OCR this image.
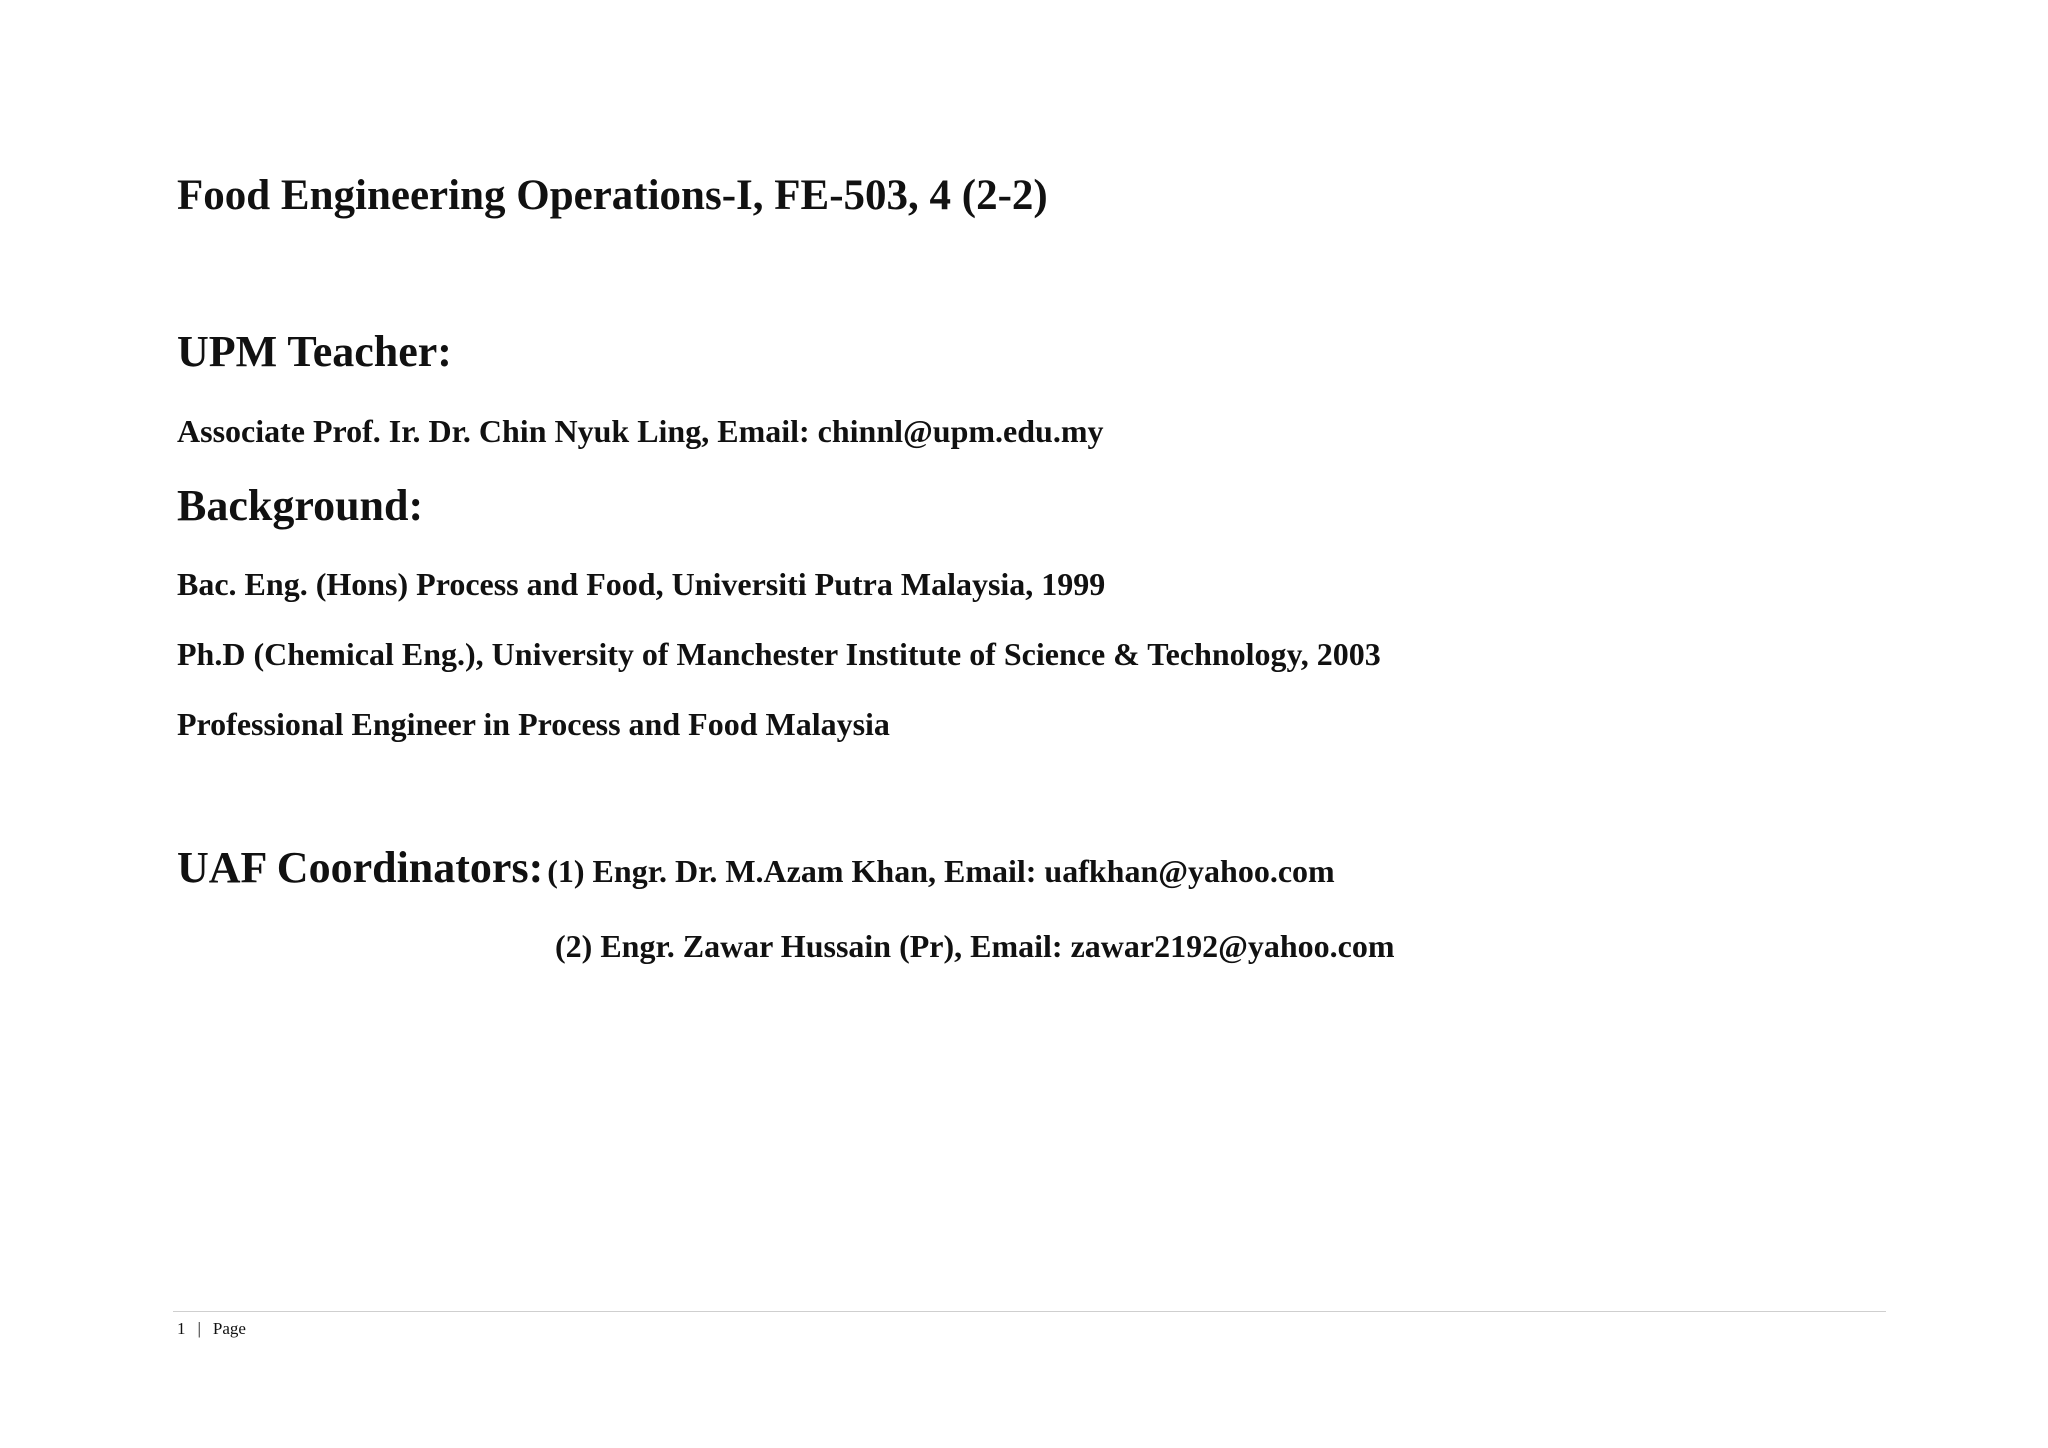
Food Engineering Operations-I, FE-503, 4 (2-2)
UPM Teacher:
Associate Prof. Ir. Dr. Chin Nyuk Ling, Email: chinnl@upm.edu.my
Background:
Bac. Eng. (Hons) Process and Food, Universiti Putra Malaysia, 1999
Ph.D (Chemical Eng.), University of Manchester Institute of Science & Technology, 2003
Professional Engineer in Process and Food Malaysia
UAF Coordinators: (1) Engr. Dr. M.Azam Khan, Email: uafkhan@yahoo.com
(2) Engr. Zawar Hussain (Pr), Email: zawar2192@yahoo.com
1 | Page
